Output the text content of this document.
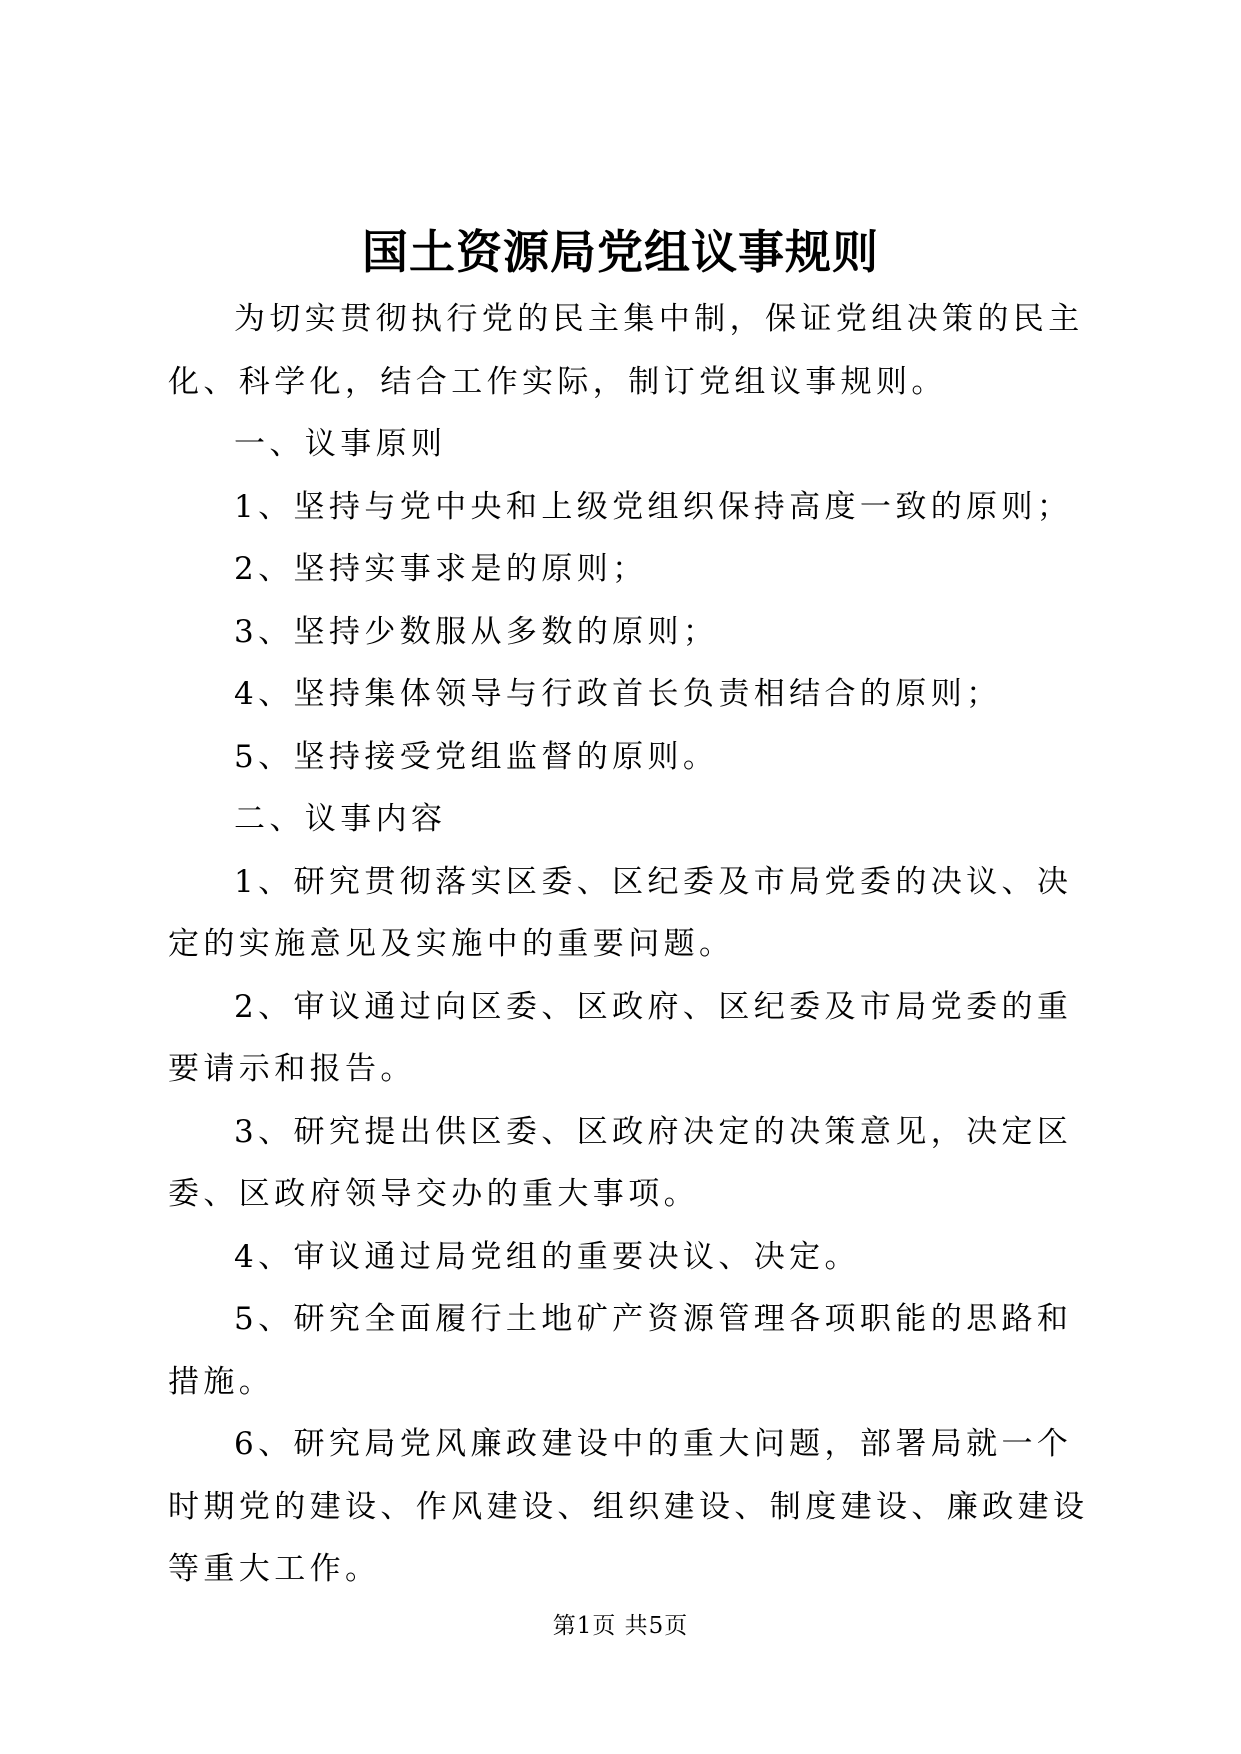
国土资源局党组议事规则

为切实贯彻执行党的民主集中制，保证党组决策的民主化、科学化，结合工作实际，制订党组议事规则。

一、议事原则

1、坚持与党中央和上级党组织保持高度一致的原则；

2、坚持实事求是的原则；

3、坚持少数服从多数的原则；

4、坚持集体领导与行政首长负责相结合的原则；

5、坚持接受党组监督的原则。

二、议事内容

1、研究贯彻落实区委、区纪委及市局党委的决议、决定的实施意见及实施中的重要问题。

2、审议通过向区委、区政府、区纪委及市局党委的重要请示和报告。

3、研究提出供区委、区政府决定的决策意见，决定区委、区政府领导交办的重大事项。

4、审议通过局党组的重要决议、决定。

5、研究全面履行土地矿产资源管理各项职能的思路和措施。

6、研究局党风廉政建设中的重大问题，部署局就一个时期党的建设、作风建设、组织建设、制度建设、廉政建设等重大工作。

第1页 共5页
